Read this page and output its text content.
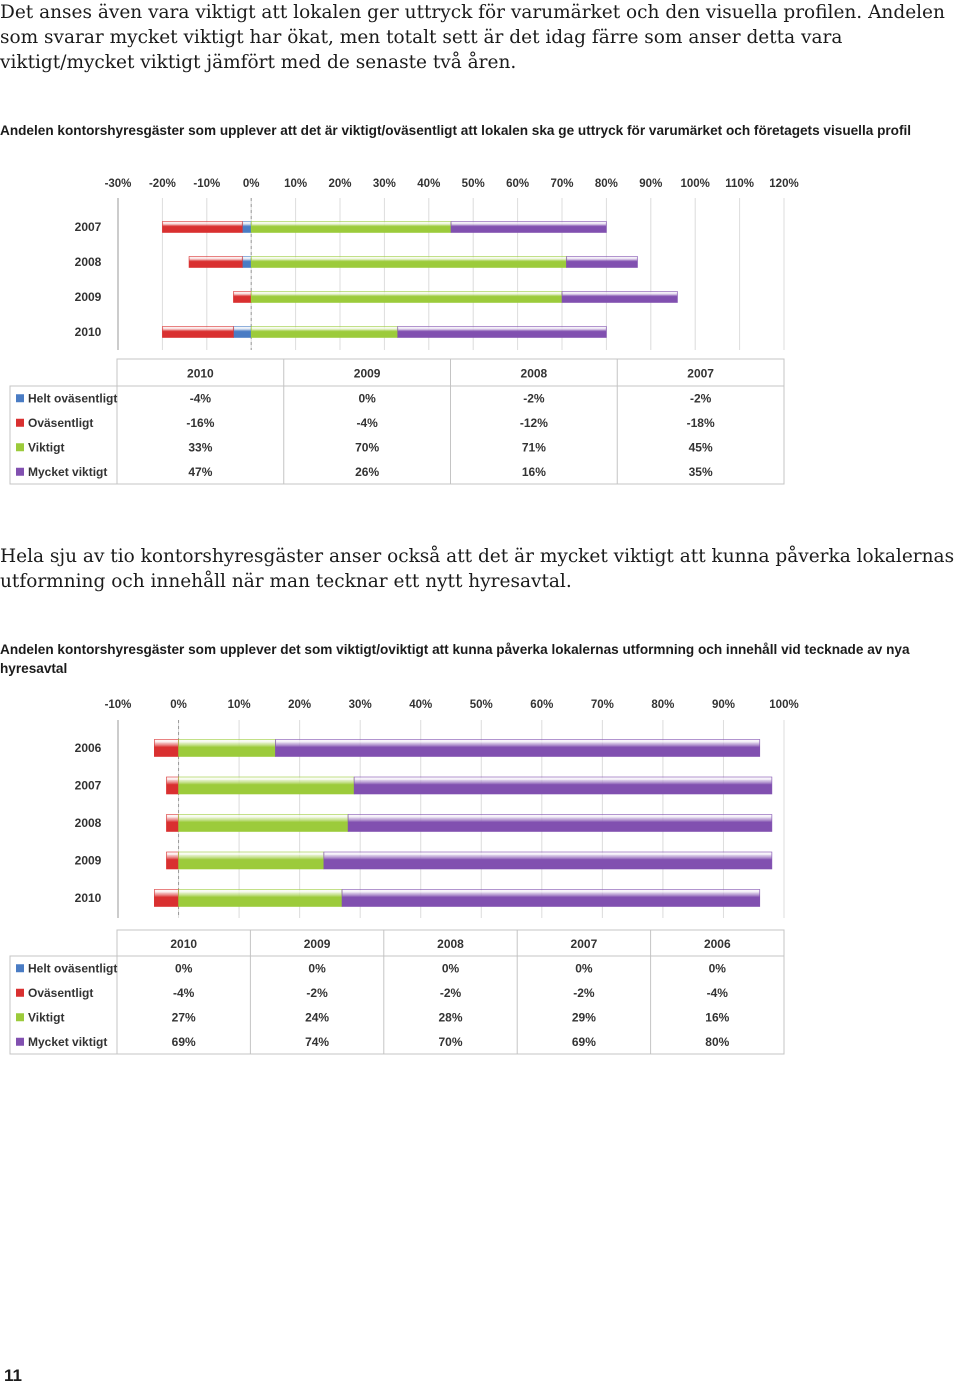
Det anses även vara viktigt att lokalen ger uttryck för varumärket och den visuella profilen. Andelen som svarar mycket viktigt har ökat, men totalt sett är det idag färre som anser detta vara viktigt/mycket viktigt jämfört med de senaste två åren.

Andelen kontorshyresgäster som upplever att det är viktigt/oväsentligt att lokalen ska ge uttryck för varumärket och företagets visuella profil

-30% -20% -10% 0% 10% 20% 30% 40% 50% 60% 70% 80% 90% 100% 110% 120%
2007
2008
2009
2010
2010	2009	2008	2007
Helt oväsentligt	-4%	0%	-2%	-2%
Oväsentligt	-16%	-4%	-12%	-18%
Viktigt	33%	70%	71%	45%
Mycket viktigt	47%	26%	16%	35%

Hela sju av tio kontorshyresgäster anser också att det är mycket viktigt att kunna påverka lokalernas utformning och innehåll när man tecknar ett nytt hyresavtal.

Andelen kontorshyresgäster som upplever det som viktigt/oviktigt att kunna påverka lokalernas utformning och innehåll vid tecknade av nya hyresavtal

-10%	0%	10%	20%	30%	40%	50%	60%	70%	80%	90%	100%
2006
2007
2008
2009
2010
2010	2009	2008	2007	2006
Helt oväsentligt	0%	0%	0%	0%	0%
Oväsentligt	-4%	-2%	-2%	-2%	-4%
Viktigt	27%	24%	28%	29%	16%
Mycket viktigt	69%	74%	70%	69%	80%
11
